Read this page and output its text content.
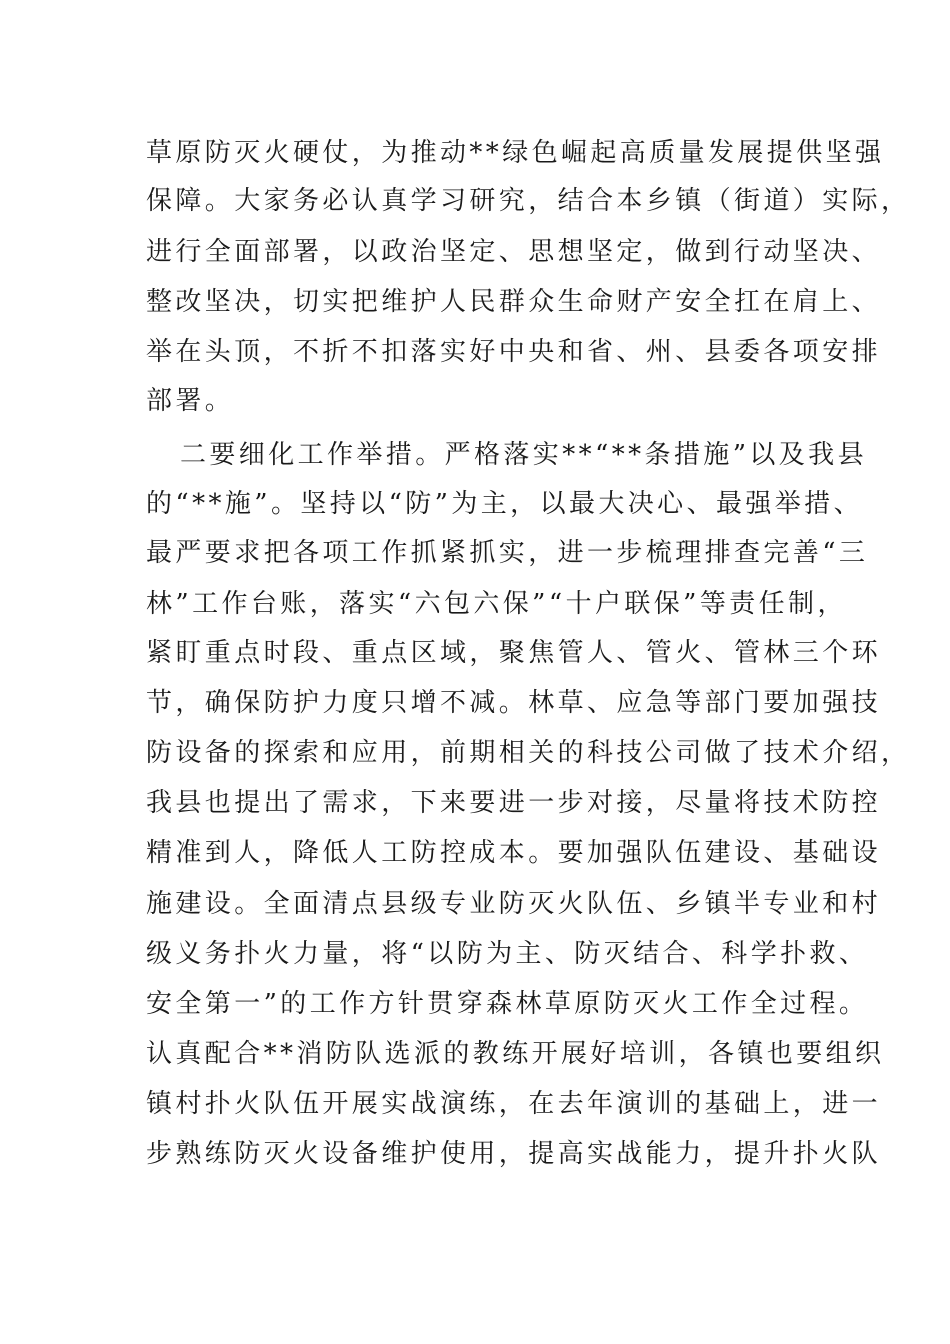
草原防灭火硬仗，为推动**绿色崛起高质量发展提供坚强
保障。大家务必认真学习研究，结合本乡镇（街道）实际，
进行全面部署，以政治坚定、思想坚定，做到行动坚决、
整改坚决，切实把维护人民群众生命财产安全扛在肩上、
举在头顶，不折不扣落实好中央和省、州、县委各项安排
部署。
二要细化工作举措。严格落实**“**条措施”以及我县
的“**施”。坚持以“防”为主，以最大决心、最强举措、
最严要求把各项工作抓紧抓实，进一步梳理排查完善“三
林”工作台账，落实“六包六保”“十户联保”等责任制，
紧盯重点时段、重点区域，聚焦管人、管火、管林三个环
节，确保防护力度只增不减。林草、应急等部门要加强技
防设备的探索和应用，前期相关的科技公司做了技术介绍，
我县也提出了需求，下来要进一步对接，尽量将技术防控
精准到人，降低人工防控成本。要加强队伍建设、基础设
施建设。全面清点县级专业防灭火队伍、乡镇半专业和村
级义务扑火力量，将“以防为主、防灭结合、科学扑救、
安全第一”的工作方针贯穿森林草原防灭火工作全过程。
认真配合**消防队选派的教练开展好培训，各镇也要组织
镇村扑火队伍开展实战演练，在去年演训的基础上，进一
步熟练防灭火设备维护使用，提高实战能力，提升扑火队
